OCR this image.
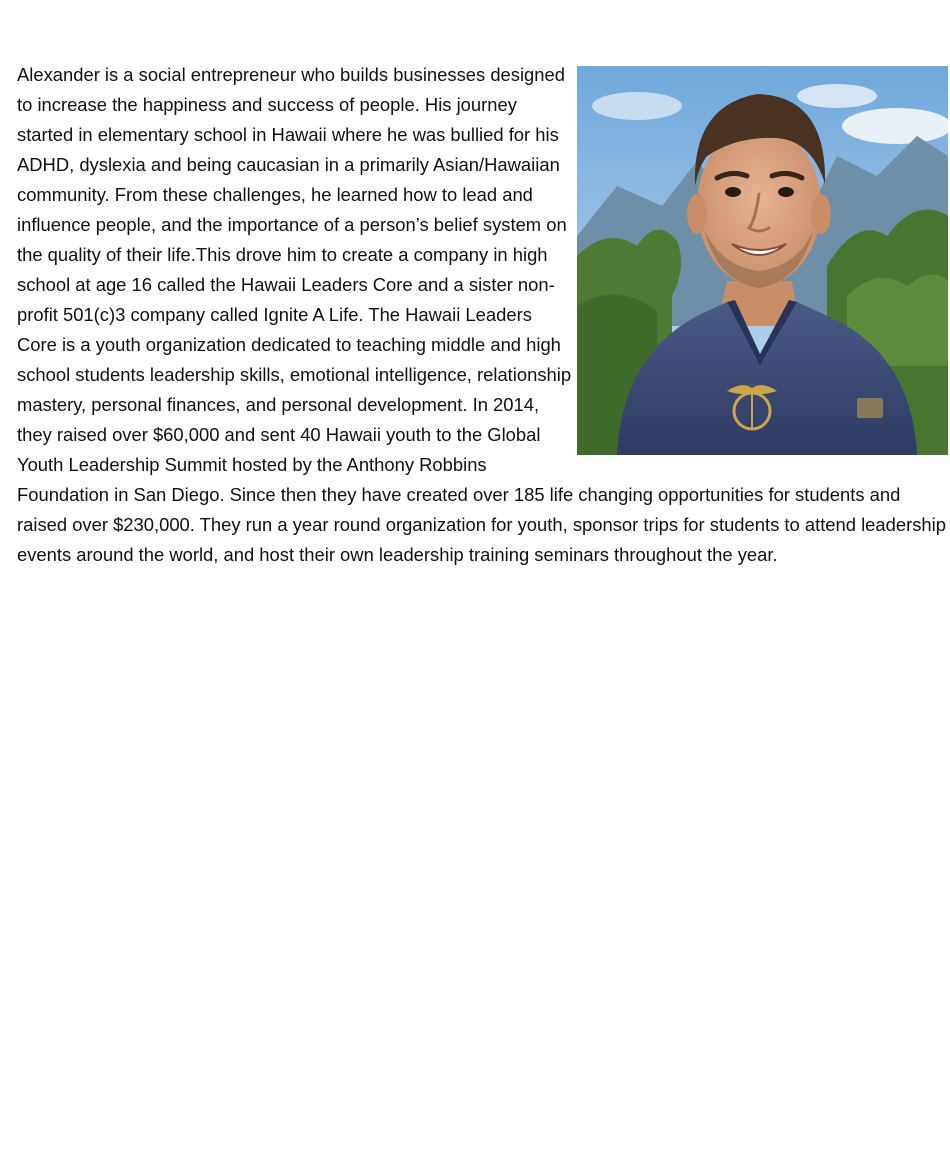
Alexander is a social entrepreneur who builds businesses designed to increase the happiness and success of people. His journey started in elementary school in Hawaii where he was bullied for his ADHD, dyslexia and being caucasian in a primarily Asian/Hawaiian community. From these challenges, he learned how to lead and influence people, and the importance of a person’s belief system on the quality of their life.This drove him to create a company in high school at age 16 called the Hawaii Leaders Core and a sister non-profit 501(c)3 company called Ignite A Life. The Hawaii Leaders Core is a youth organization dedicated to teaching middle and high school students leadership skills, emotional intelligence, relationship mastery, personal finances, and personal development. In 2014, they raised over $60,000 and sent 40 Hawaii youth to the Global Youth Leadership Summit hosted by the Anthony Robbins Foundation in San Diego. Since then they have created over 185 life changing opportunities for students and raised over $230,000. They run a year round organization for youth, sponsor trips for students to attend leadership events around the world, and host their own leadership training seminars throughout the year.
